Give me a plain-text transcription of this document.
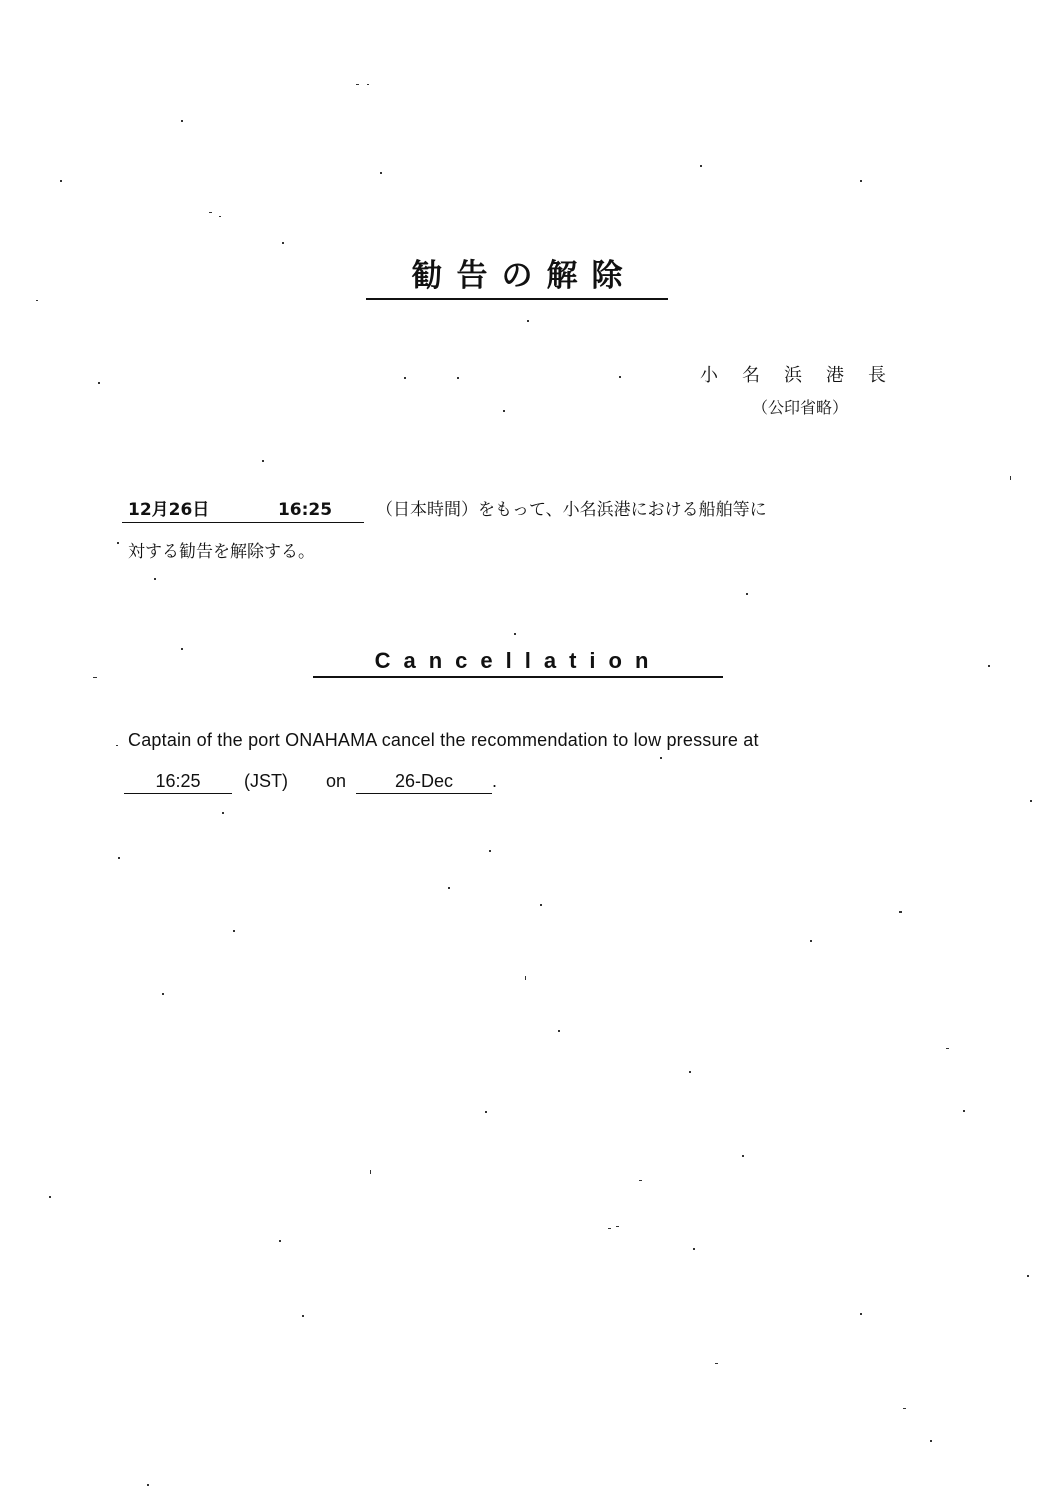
勧告の解除
小名浜港長
（公印省略）
12月26日	16:25	（日本時間）をもって、小名浜港における船舶等に
対する勧告を解除する。
Cancellation
Captain of the port ONAHAMA cancel the recommendation to low pressure at
16:25 (JST) on	26-Dec .
